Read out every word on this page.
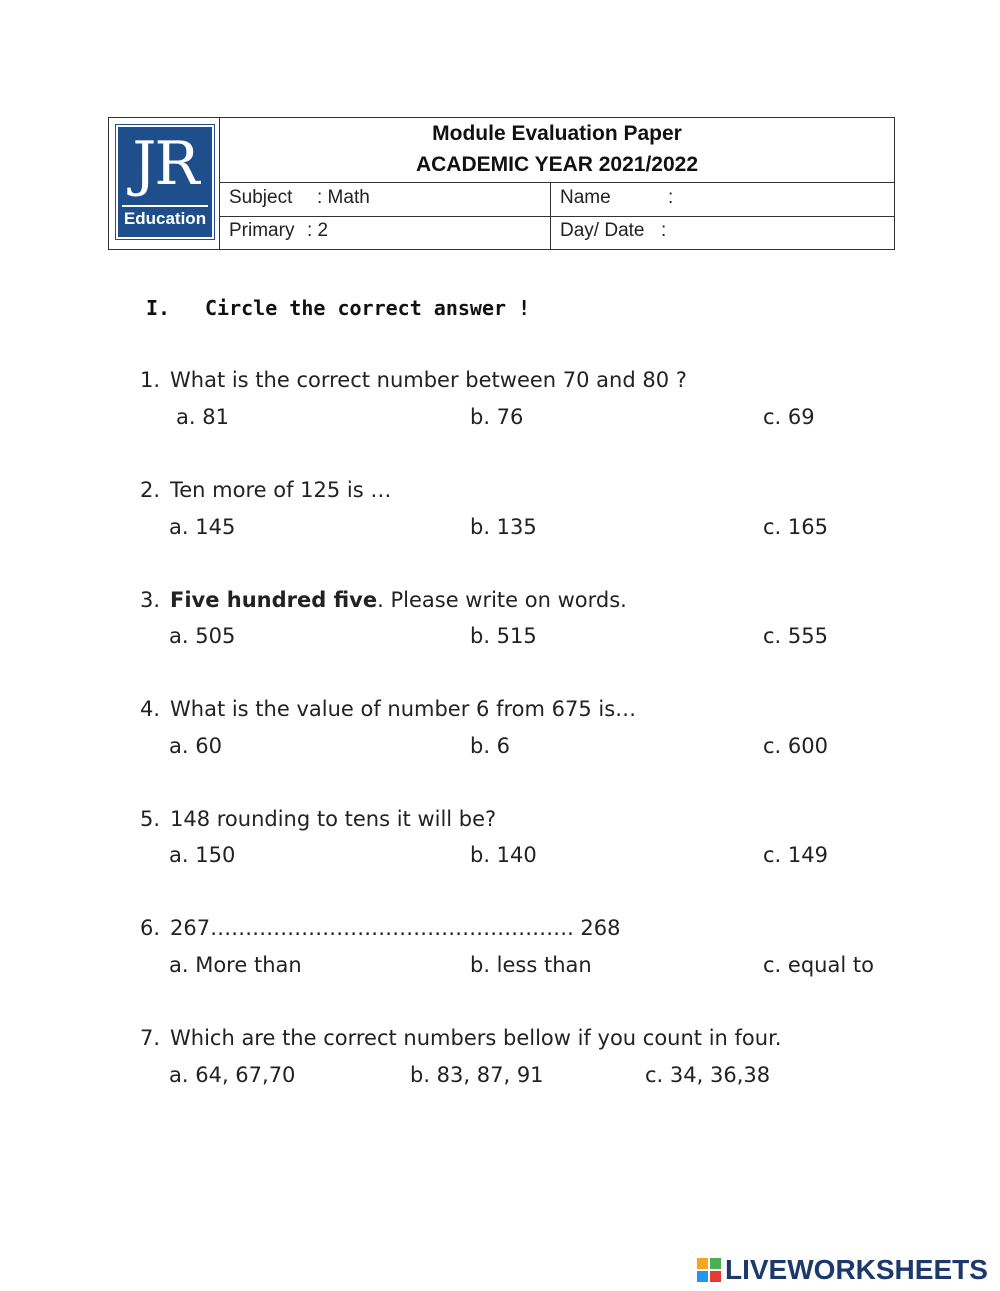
JR
Education
Module Evaluation Paper
ACADEMIC YEAR 2021/2022
Subject : Math	Name	:
Primary : 2	Day/ Date :
I. Circle the correct answer !
1. What is the correct number between 70 and 80 ?
a. 81	b. 76	c. 69
2. Ten more of 125 is …
a. 145	b. 135	c. 165
3. Five hundred five. Please write on words.
a. 505	b. 515	c. 555
4. What is the value of number 6 from 675 is…
a. 60	b. 6	c. 600
5. 148 rounding to tens it will be?
a. 150	b. 140	c. 149
6. 267……………………………………………. 268
a. More than	b. less than	c. equal to
7. Which are the correct numbers bellow if you count in four.
a. 64, 67,70	b. 83, 87, 91	c. 34, 36,38
LIVEWORKSHEETS
